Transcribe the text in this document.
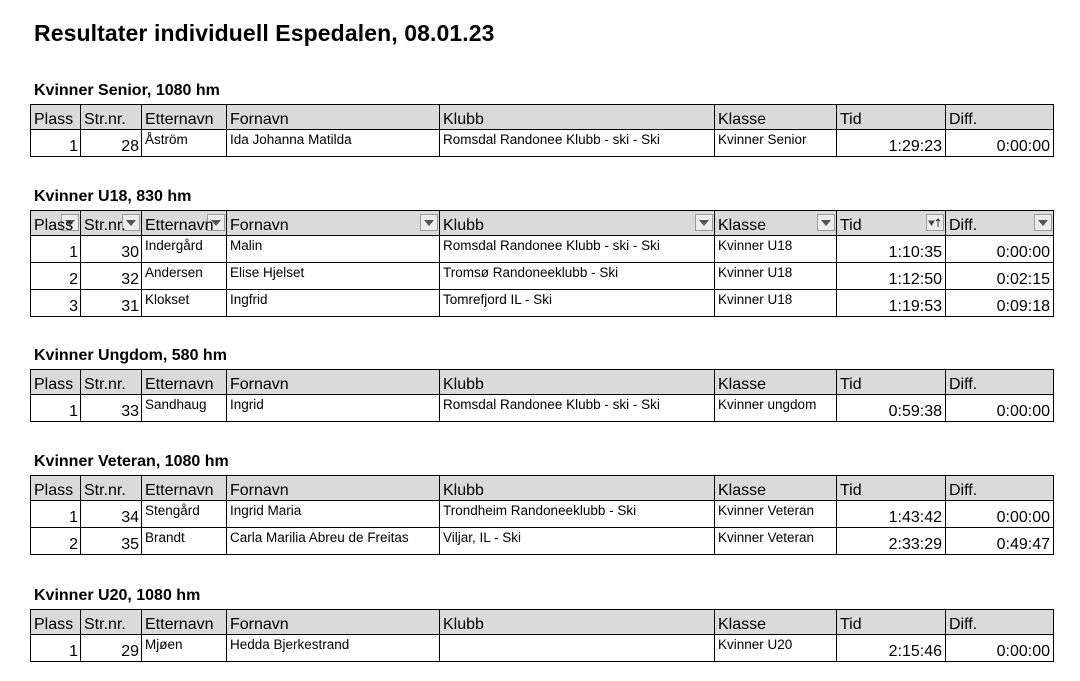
Resultater individuell Espedalen, 08.01.23
Kvinner Senior, 1080 hm
Plass	Str.nr.	Etternavn	Fornavn	Klubb	Klasse	Tid	Diff.
1	28	Åström	Ida Johanna Matilda	Romsdal Randonee Klubb - ski - Ski	Kvinner Senior	1:29:23	0:00:00
Kvinner U18, 830 hm
Plass	Str.nr.	Etternavn	Fornavn	Klubb	Klasse	Tid	Diff.

1	30	Indergård	Malin	Romsdal Randonee Klubb - ski - Ski	Kvinner U18	1:10:35	0:00:00
2	32	Andersen	Elise Hjelset	Tromsø Randoneeklubb - Ski	Kvinner U18	1:12:50	0:02:15
3	31	Klokset	Ingfrid	Tomrefjord IL - Ski	Kvinner U18	1:19:53	0:09:18
Kvinner Ungdom, 580 hm
Plass	Str.nr.	Etternavn	Fornavn	Klubb	Klasse	Tid	Diff.
1	33	Sandhaug	Ingrid	Romsdal Randonee Klubb - ski - Ski	Kvinner ungdom	0:59:38	0:00:00
Kvinner Veteran, 1080 hm
Plass	Str.nr.	Etternavn	Fornavn	Klubb	Klasse	Tid	Diff.
1	34	Stengård	Ingrid Maria	Trondheim Randoneeklubb - Ski	Kvinner Veteran	1:43:42	0:00:00
2	35	Brandt	Carla Marilia Abreu de Freitas	Viljar, IL - Ski	Kvinner Veteran	2:33:29	0:49:47
Kvinner U20, 1080 hm
Plass	Str.nr.	Etternavn	Fornavn	Klubb	Klasse	Tid	Diff.
1	29	Mjøen	Hedda Bjerkestrand		Kvinner U20	2:15:46	0:00:00
